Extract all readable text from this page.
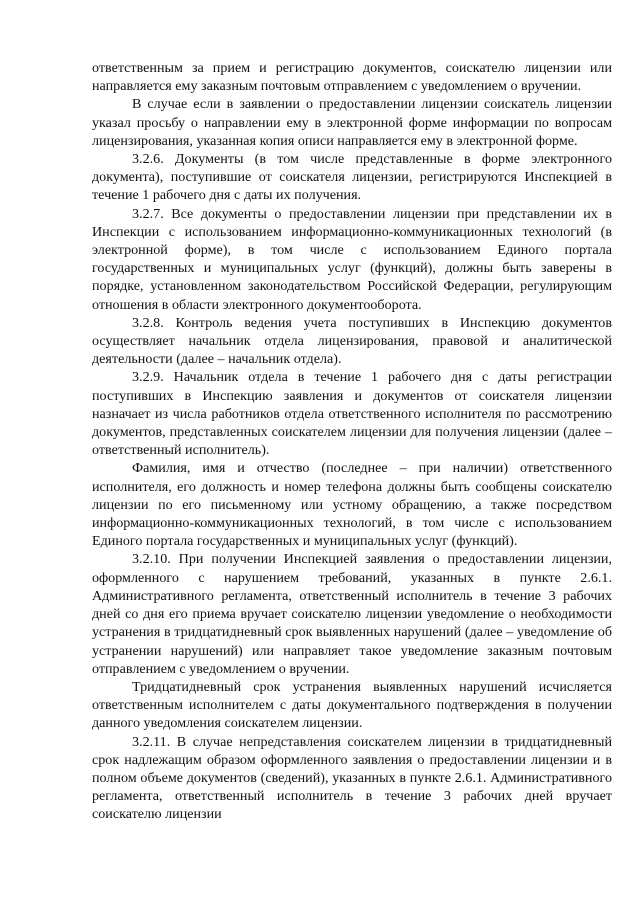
ответственным за прием и регистрацию документов, соискателю лицензии или направляется ему заказным почтовым отправлением с уведомлением о вручении.

В случае если в заявлении о предоставлении лицензии соискатель лицензии указал просьбу о направлении ему в электронной форме информации по вопросам лицензирования, указанная копия описи направляется ему в электронной форме.

3.2.6. Документы (в том числе представленные в форме электронного документа), поступившие от соискателя лицензии, регистрируются Инспекцией в течение 1 рабочего дня с даты их получения.

3.2.7. Все документы о предоставлении лицензии при представлении их в Инспекции с использованием информационно-коммуникационных технологий (в электронной форме), в том числе с использованием Единого портала государственных и муниципальных услуг (функций), должны быть заверены в порядке, установленном законодательством Российской Федерации, регулирующим отношения в области электронного документооборота.

3.2.8. Контроль ведения учета поступивших в Инспекцию документов осуществляет начальник отдела лицензирования, правовой и аналитической деятельности (далее – начальник отдела).

3.2.9. Начальник отдела в течение 1 рабочего дня с даты регистрации поступивших в Инспекцию заявления и документов от соискателя лицензии назначает из числа работников отдела ответственного исполнителя по рассмотрению документов, представленных соискателем лицензии для получения лицензии (далее – ответственный исполнитель).

Фамилия, имя и отчество (последнее – при наличии) ответственного исполнителя, его должность и номер телефона должны быть сообщены соискателю лицензии по его письменному или устному обращению, а также посредством информационно-коммуникационных технологий, в том числе с использованием Единого портала государственных и муниципальных услуг (функций).

3.2.10. При получении Инспекцией заявления о предоставлении лицензии, оформленного с нарушением требований, указанных в пункте 2.6.1. Административного регламента, ответственный исполнитель в течение 3 рабочих дней со дня его приема вручает соискателю лицензии уведомление о необходимости устранения в тридцатидневный срок выявленных нарушений (далее – уведомление об устранении нарушений) или направляет такое уведомление заказным почтовым отправлением с уведомлением о вручении.

Тридцатидневный срок устранения выявленных нарушений исчисляется ответственным исполнителем с даты документального подтверждения в получении данного уведомления соискателем лицензии.

3.2.11. В случае непредставления соискателем лицензии в тридцатидневный срок надлежащим образом оформленного заявления о предоставлении лицензии и в полном объеме документов (сведений), указанных в пункте 2.6.1. Административного регламента, ответственный исполнитель в течение 3 рабочих дней вручает соискателю лицензии
